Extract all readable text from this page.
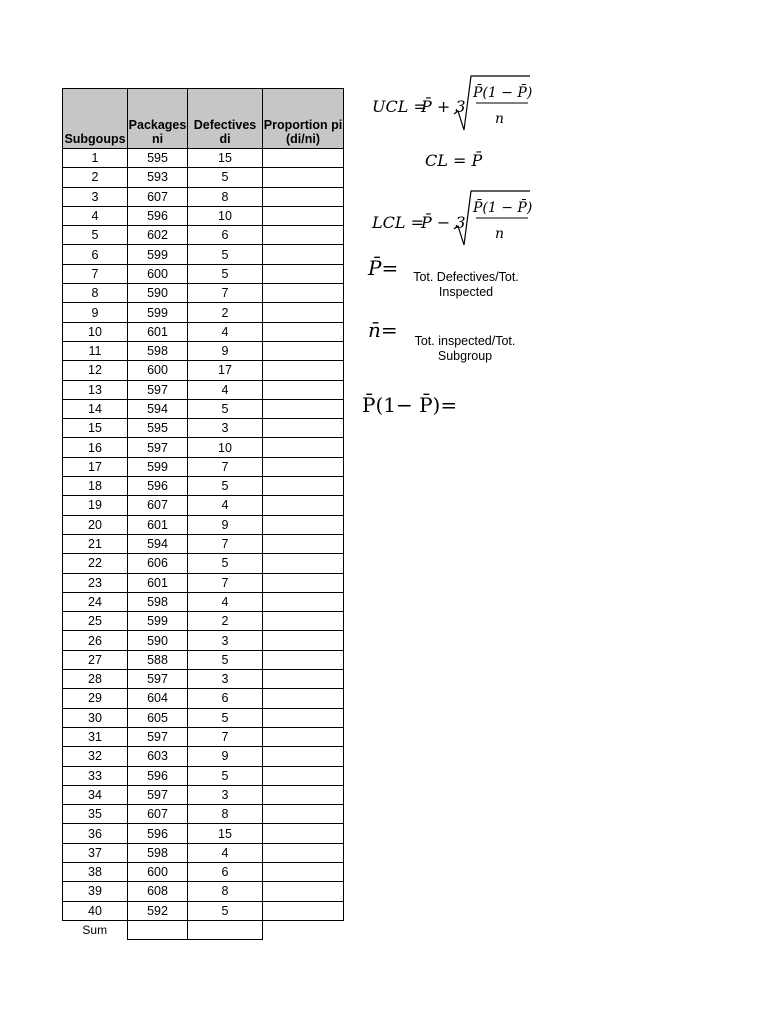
Subgoups	Packages ni	Defectives di	Proportion pi (di/ni)
1	595	15	
2	593	5	
3	607	8	
4	596	10	
5	602	6	
6	599	5	
7	600	5	
8	590	7	
9	599	2	
10	601	4	
11	598	9	
12	600	17	
13	597	4	
14	594	5	
15	595	3	
16	597	10	
17	599	7	
18	596	5	
19	607	4	
20	601	9	
21	594	7	
22	606	5	
23	601	7	
24	598	4	
25	599	2	
26	590	3	
27	588	5	
28	597	3	
29	604	6	
30	605	5	
31	597	7	
32	603	9	
33	596	5	
34	597	3	
35	607	8	
36	596	15	
37	598	4	
38	600	6	
39	608	8	
40	592	5	
Sum			
UCL =
P̄ + 3
P̄(1 − P̄)
n
CL = P̄
LCL =
P̄ − 3
P̄(1 − P̄)
n
P̄=	Tot. Defectives/Tot. Inspected
n̄=	Tot. inspected/Tot. Subgroup
P̄(1− P̄)=
